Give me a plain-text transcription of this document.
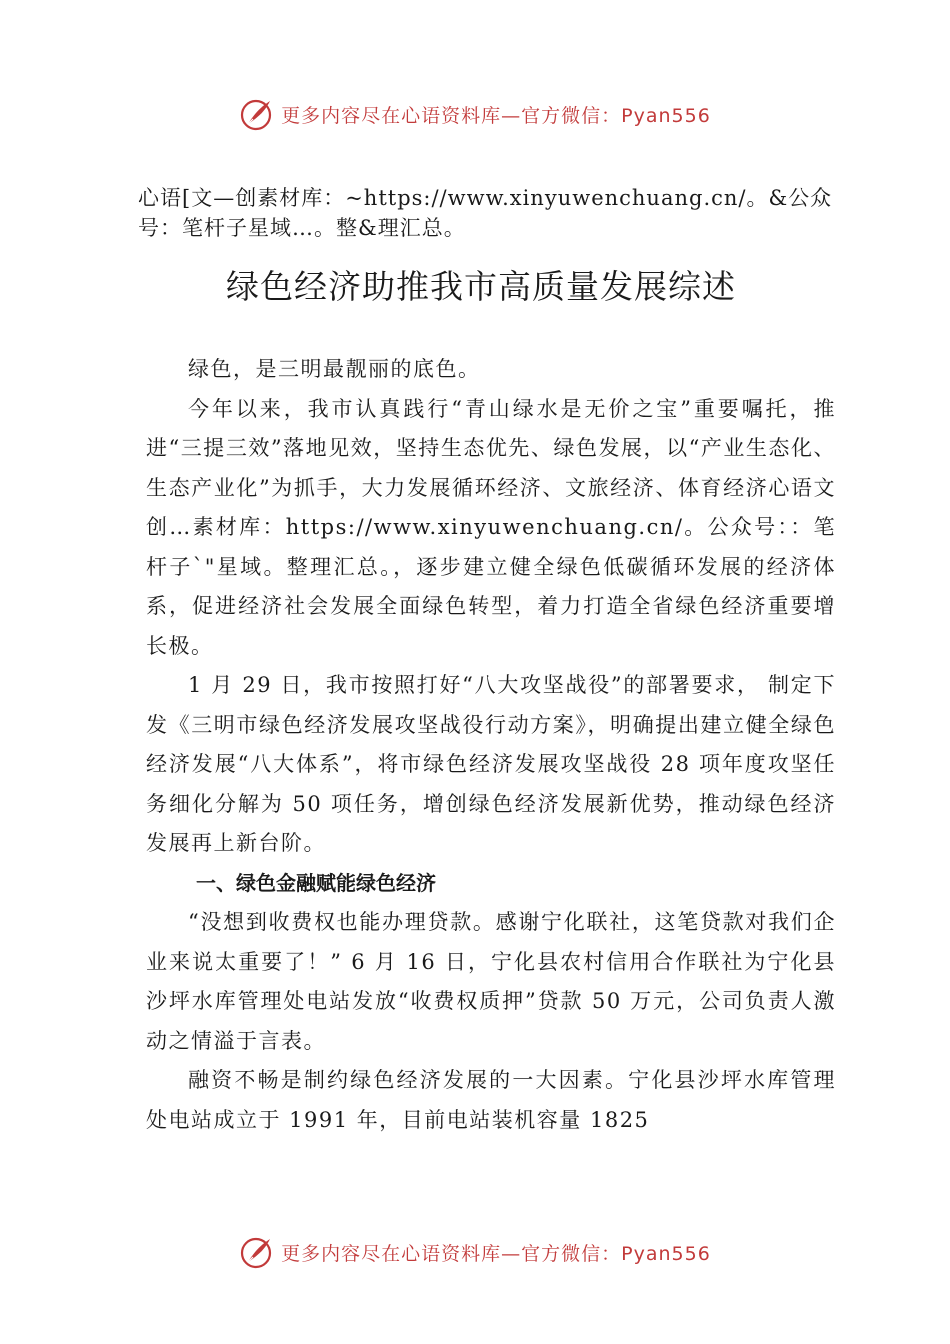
更多内容尽在心语资料库—官方微信：Pyan556

心语[文—创素材库：~https://www.xinyuwenchuang.cn/。&公众号：笔杆子星域…。整&理汇总。

绿色经济助推我市高质量发展综述

绿色，是三明最靓丽的底色。

今年以来，我市认真践行“青山绿水是无价之宝”重要嘱托，推进“三提三效”落地见效，坚持生态优先、绿色发展，以“产业生态化、生态产业化”为抓手，大力发展循环经济、文旅经济、体育经济心语文创…素材库：https://www.xinyuwenchuang.cn/。公众号：：笔杆子`"星域。整理汇总。，逐步建立健全绿色低碳循环发展的经济体系，促进经济社会发展全面绿色转型，着力打造全省绿色经济重要增长极。

1 月 29 日，我市按照打好“八大攻坚战役”的部署要求， 制定下发《三明市绿色经济发展攻坚战役行动方案》，明确提出建立健全绿色经济发展“八大体系”，将市绿色经济发展攻坚战役 28 项年度攻坚任务细化分解为 50 项任务，增创绿色经济发展新优势，推动绿色经济发展再上新台阶。

一、绿色金融赋能绿色经济

“没想到收费权也能办理贷款。感谢宁化联社，这笔贷款对我们企业来说太重要了！” 6 月 16 日，宁化县农村信用合作联社为宁化县沙坪水库管理处电站发放“收费权质押”贷款 50 万元，公司负责人激动之情溢于言表。

融资不畅是制约绿色经济发展的一大因素。宁化县沙坪水库管理处电站成立于 1991 年，目前电站装机容量 1825

更多内容尽在心语资料库—官方微信：Pyan556
